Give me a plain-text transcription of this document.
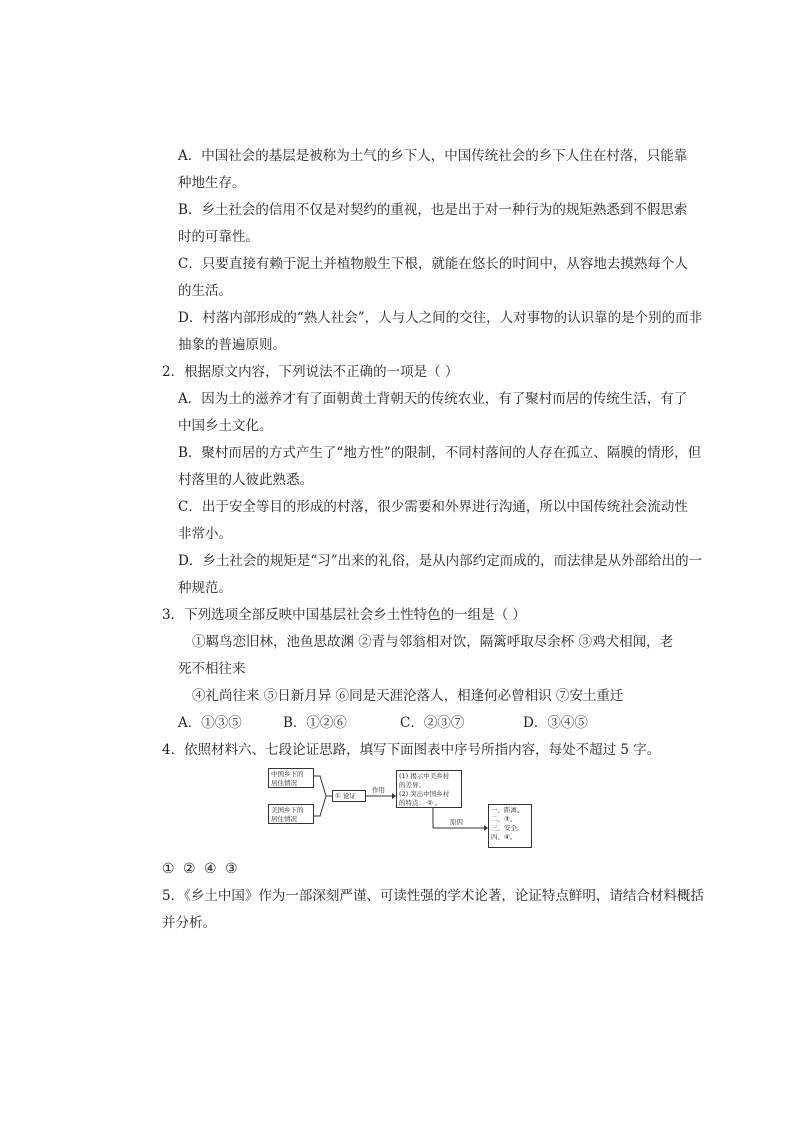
A．中国社会的基层是被称为土气的乡下人，中国传统社会的乡下人住在村落，只能靠
种地生存。
B．乡土社会的信用不仅是对契约的重视，也是出于对一种行为的规矩熟悉到不假思索
时的可靠性。
C．只要直接有赖于泥土并植物般生下根，就能在悠长的时间中，从容地去摸熟每个人
的生活。
D．村落内部形成的“熟人社会”，人与人之间的交往，人对事物的认识靠的是个别的而非
抽象的普遍原则。
2．根据原文内容，下列说法不正确的一项是（ ）
A．因为土的滋养才有了面朝黄土背朝天的传统农业，有了聚村而居的传统生活，有了
中国乡土文化。
B．聚村而居的方式产生了“地方性”的限制，不同村落间的人存在孤立、隔膜的情形，但
村落里的人彼此熟悉。
C．出于安全等目的形成的村落，很少需要和外界进行沟通，所以中国传统社会流动性
非常小。
D．乡土社会的规矩是“习”出来的礼俗，是从内部约定而成的，而法律是从外部给出的一
种规范。
3．下列选项全部反映中国基层社会乡土性特色的一组是（ ）
①羁鸟恋旧林，池鱼思故渊 ②青与邻翁相对饮，隔篱呼取尽余杯 ③鸡犬相闻，老
死不相往来
④礼尚往来 ⑤日新月异 ⑥同是天涯沦落人，相逢何必曾相识 ⑦安土重迁
A．①③⑤	B．①②⑥	C．②③⑦	D．③④⑤
4．依照材料六、七段论证思路，填写下面图表中序号所指内容，每处不超过 5 字。
中国乡下的
居住情况
美国乡下的
居住情况
① 论证
作用
(1) 揭示中美乡村
的差异；
(2) 突出中国乡村
的特点： ② 。
原因
一、距离。
二、③。
三、安全。
四、④。
① ② ④ ③
5．《乡土中国》作为一部深刻严谨、可读性强的学术论著，论证特点鲜明，请结合材料概括
并分析。
